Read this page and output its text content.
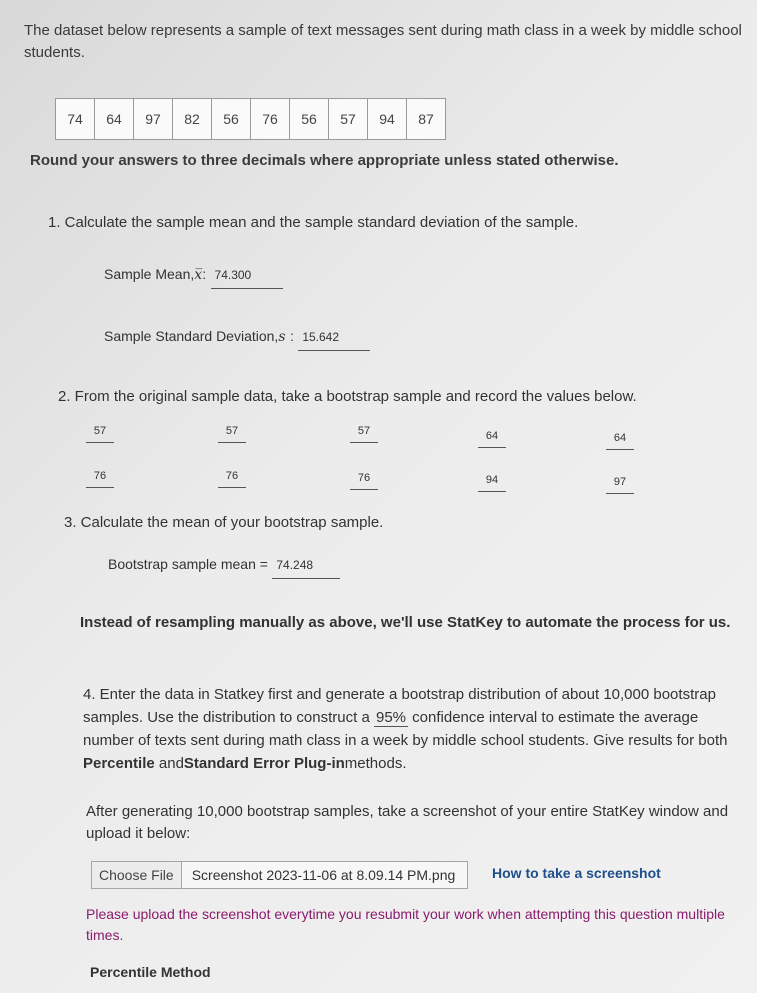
The dataset below represents a sample of text messages sent during math class in a week by middle school students.
74	64	97	82	56	76	56	57	94	87
Round your answers to three decimals where appropriate unless stated otherwise.
1. Calculate the sample mean and the sample standard deviation of the sample.
Sample Mean,x̅: 74.300
Sample Standard Deviation,s : 15.642
2. From the original sample data, take a bootstrap sample and record the values below.
57	57	57	64	64
76	76	76	94	97
3. Calculate the mean of your bootstrap sample.
Bootstrap sample mean = 74.248
Instead of resampling manually as above, we'll use StatKey to automate the process for us.
4. Enter the data in Statkey first and generate a bootstrap distribution of about 10,000 bootstrap samples. Use the distribution to construct a 95% confidence interval to estimate the average number of texts sent during math class in a week by middle school students. Give results for both Percentile andStandard Error Plug-inmethods.
After generating 10,000 bootstrap samples, take a screenshot of your entire StatKey window and upload it below:
Choose File	Screenshot 2023-11-06 at 8.09.14 PM.png	How to take a screenshot
Please upload the screenshot everytime you resubmit your work when attempting this question multiple times.
Percentile Method
